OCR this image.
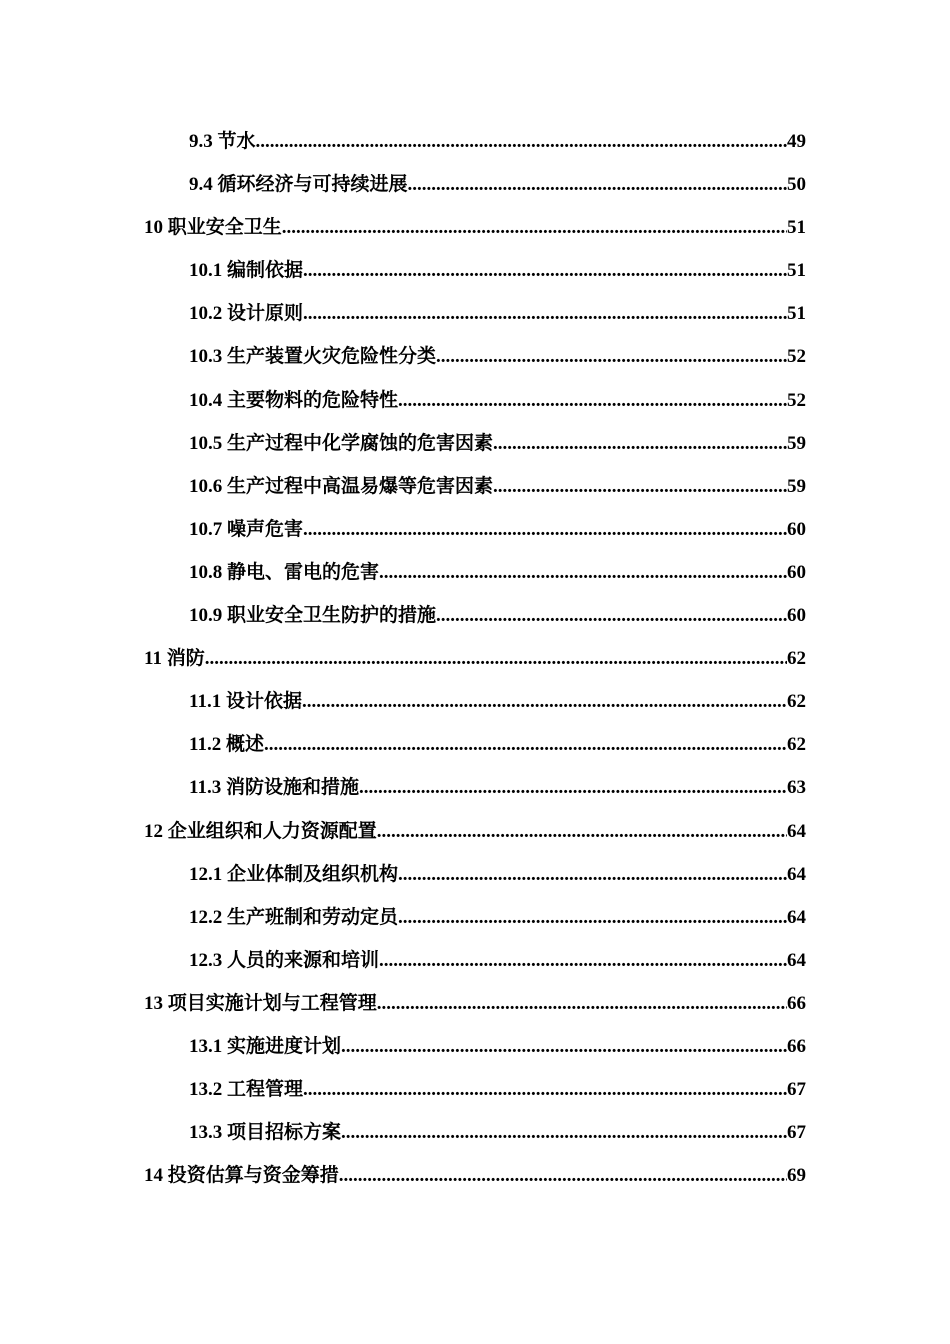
9.3 节水 .....	49
9.4 循环经济与可持续进展 .....	50
10 职业安全卫生 .....	51
10.1 编制依据 .....	51
10.2 设计原则 .....	51
10.3 生产装置火灾危险性分类 .....	52
10.4 主要物料的危险特性 .....	52
10.5 生产过程中化学腐蚀的危害因素 .....	59
10.6 生产过程中高温易爆等危害因素 .....	59
10.7 噪声危害 .....	60
10.8 静电、雷电的危害 .....	60
10.9 职业安全卫生防护的措施 .....	60
11 消防 .....	62
11.1 设计依据 .....	62
11.2 概述 .....	62
11.3 消防设施和措施 .....	63
12 企业组织和人力资源配置 .....	64
12.1 企业体制及组织机构 .....	64
12.2 生产班制和劳动定员 .....	64
12.3 人员的来源和培训 .....	64
13 项目实施计划与工程管理 .....	66
13.1 实施进度计划 .....	66
13.2 工程管理 .....	67
13.3 项目招标方案 .....	67
14 投资估算与资金筹措 .....	69
